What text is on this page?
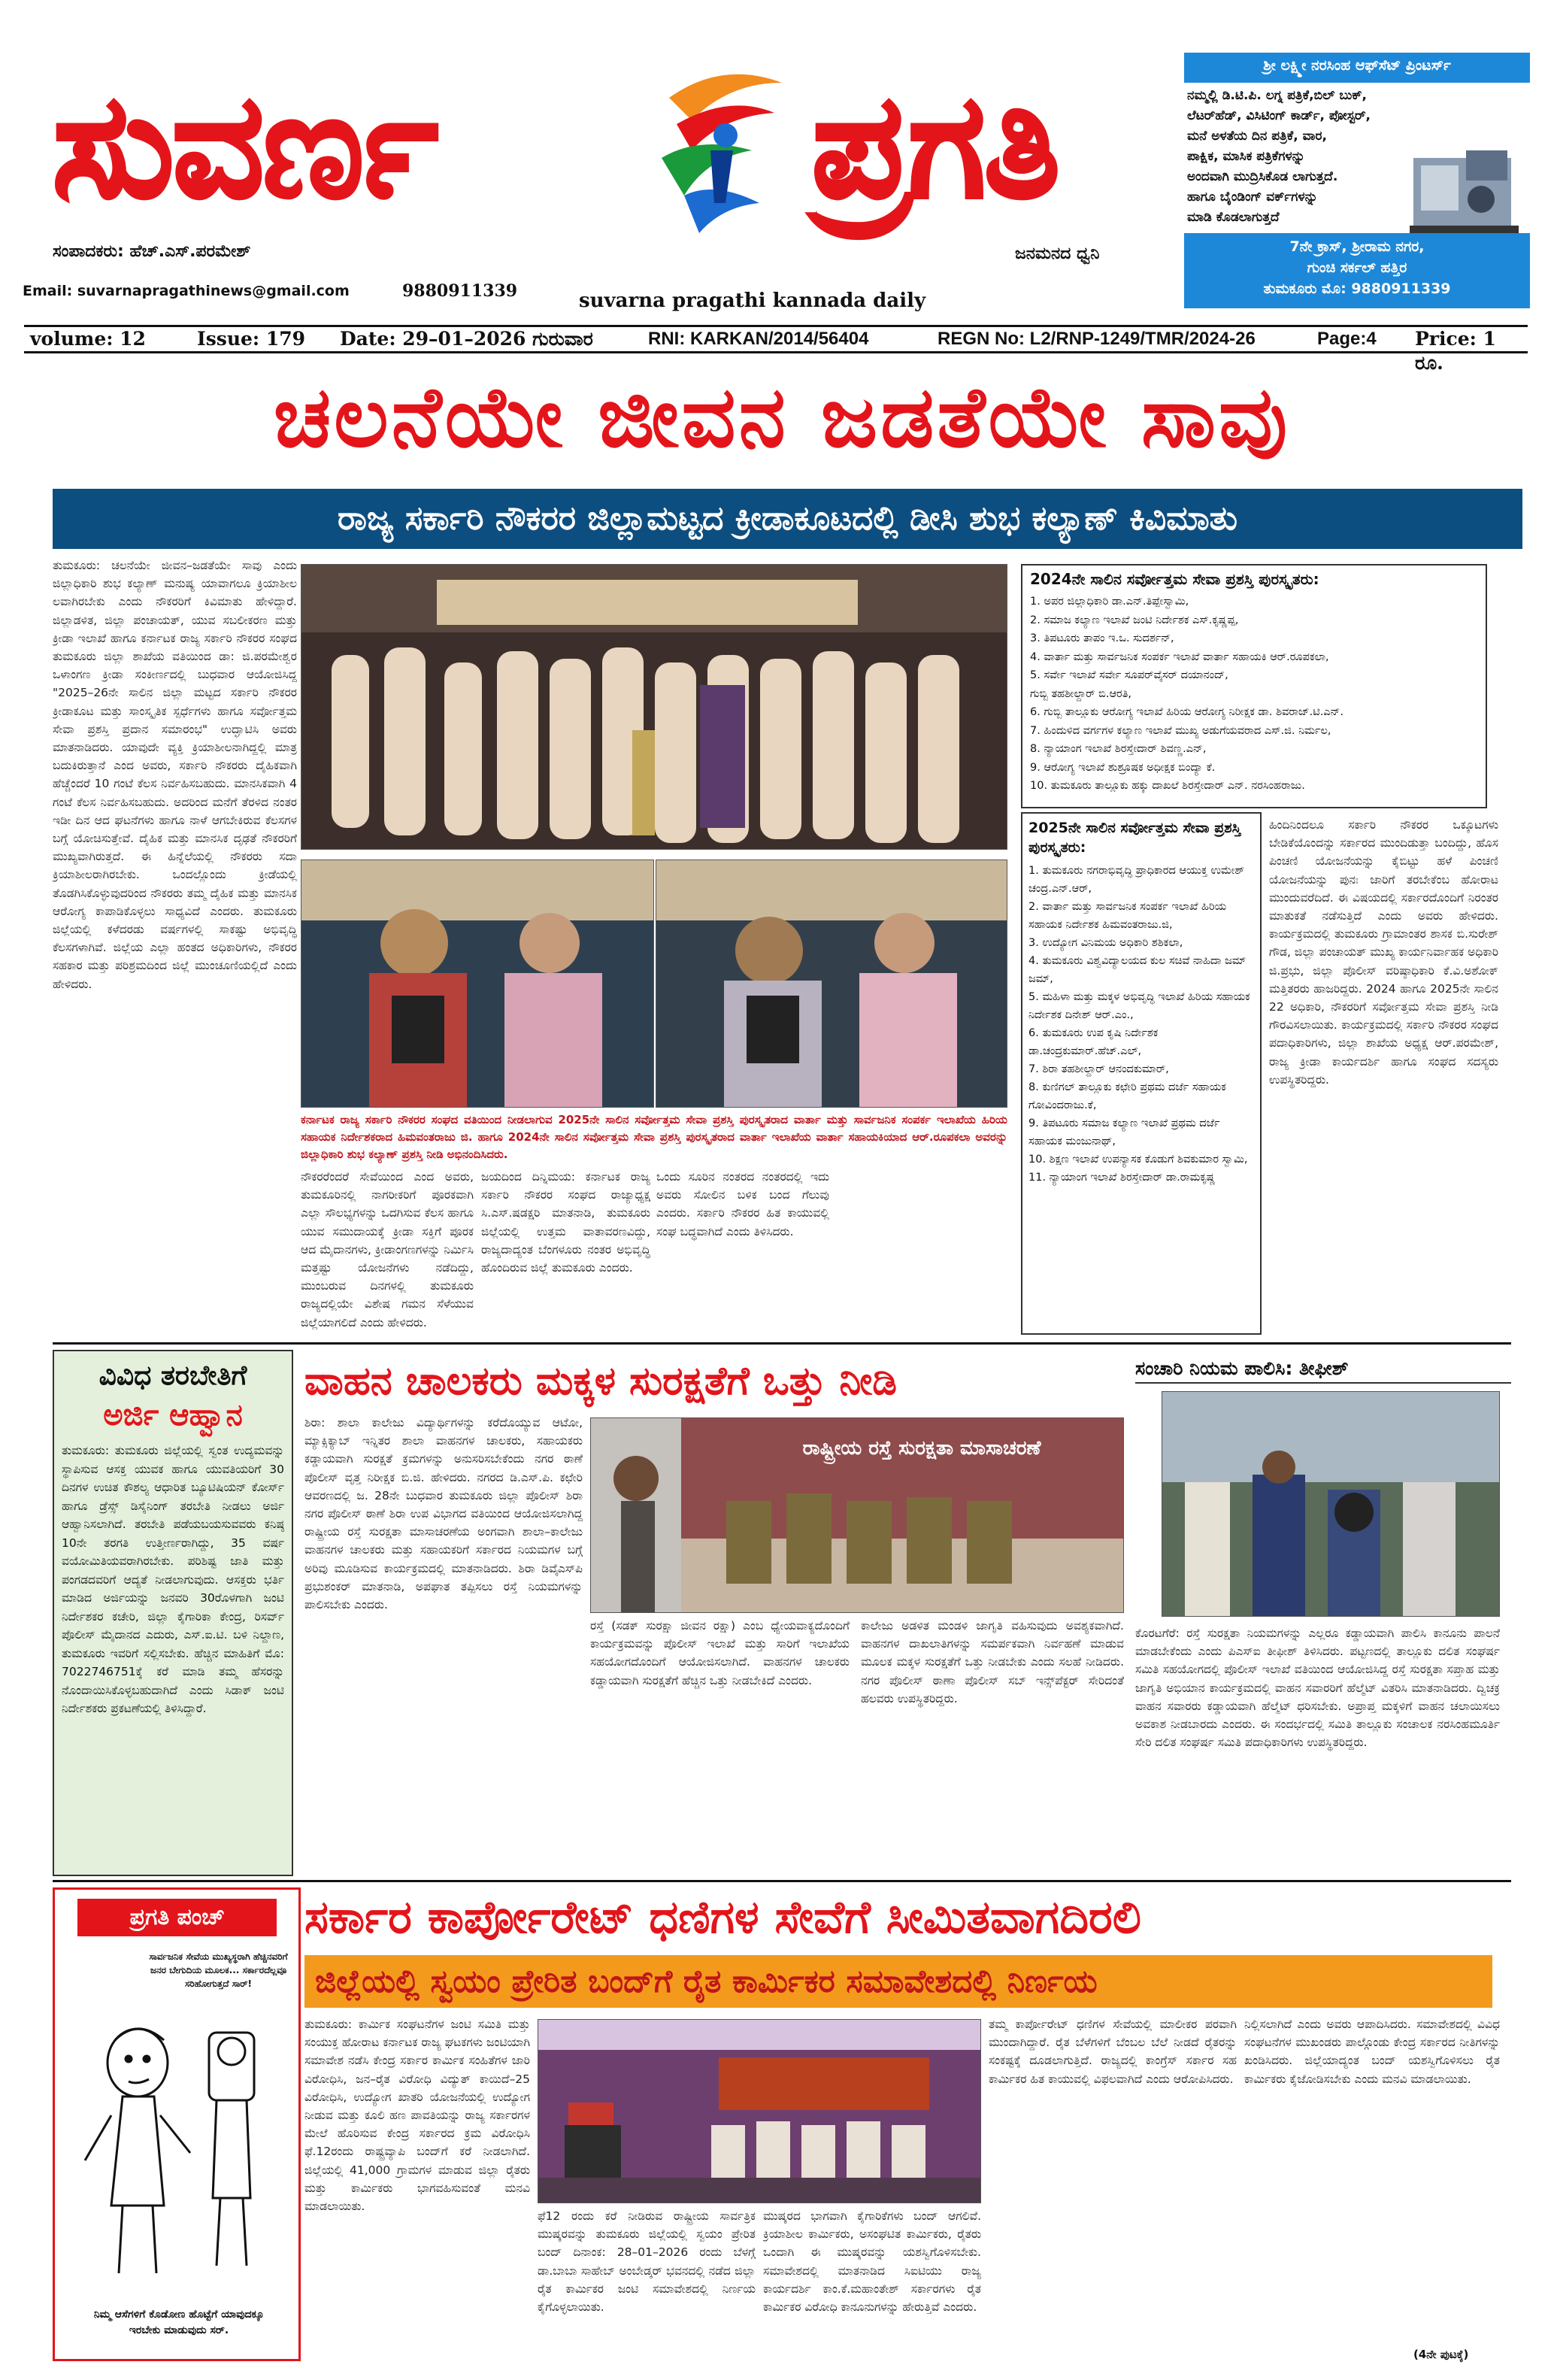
ಸುವರ್ಣ	ಪ್ರಗತಿ
ಸಂಪಾದಕರು: ಹೆಚ್.ಎಸ್.ಪರಮೇಶ್
Email: suvarnapragathinews@gmail.com	9880911339
ಜನಮನದ ಧ್ವನಿ
suvarna pragathi kannada daily
ಶ್ರೀ ಲಕ್ಷ್ಮೀ ನರಸಿಂಹ ಆಫ್‌ಸೆಟ್ ಪ್ರಿಂಟರ್ಸ್
ನಮ್ಮಲ್ಲಿ ಡಿ.ಟಿ.ಪಿ. ಲಗ್ನ ಪತ್ರಿಕೆ,ಬಿಲ್ ಬುಕ್,
ಲೆಟರ್‌ಹೆಡ್, ವಿಸಿಟಿಂಗ್ ಕಾರ್ಡ್, ಪೋಸ್ಟರ್,
ಮನೆ ಅಳತೆಯ ದಿನ ಪತ್ರಿಕೆ, ವಾರ,
ಪಾಕ್ಷಿಕ, ಮಾಸಿಕ ಪತ್ರಿಕೆಗಳನ್ನು
ಅಂದವಾಗಿ ಮುದ್ರಿಸಿಕೊಡ ಲಾಗುತ್ತದೆ.
ಹಾಗೂ ಬೈಂಡಿಂಗ್ ವರ್ಕ್‌ಗಳನ್ನು
ಮಾಡಿ ಕೊಡಲಾಗುತ್ತದೆ
7ನೇ ಕ್ರಾಸ್, ಶ್ರೀರಾಮ ನಗರ,
ಗುಂಚಿ ಸರ್ಕಲ್ ಹತ್ತಿರ
ತುಮಕೂರು ಮೊ: 9880911339
volume: 12	Issue: 179 Date: 29–01–2026 ಗುರುವಾರ	RNI: KARKAN/2014/56404	REGN No: L2/RNP-1249/TMR/2024-26	Page:4 Price: 1 ರೂ.
ಚಲನೆಯೇ ಜೀವನ ಜಡತೆಯೇ ಸಾವು
ರಾಜ್ಯ ಸರ್ಕಾರಿ ನೌಕರರ ಜಿಲ್ಲಾಮಟ್ಟದ ಕ್ರೀಡಾಕೂಟದಲ್ಲಿ ಡೀಸಿ ಶುಭ ಕಲ್ಯಾಣ್ ಕಿವಿಮಾತು
ತುಮಕೂರು: ಚಲನೆಯೇ ಜೀವನ–ಜಡತೆಯೇ ಸಾವು ಎಂದು ಜಿಲ್ಲಾಧಿಕಾರಿ ಶುಭ ಕಲ್ಯಾಣ್ ಮನುಷ್ಯ ಯಾವಾಗಲೂ ಕ್ರಿಯಾಶೀಲ ಲವಾಗಿರಬೇಕು ಎಂದು ನೌಕರರಿಗೆ ಕಿವಿಮಾತು ಹೇಳಿದ್ದಾರೆ. ಜಿಲ್ಲಾಡಳಿತ, ಜಿಲ್ಲಾ ಪಂಚಾಯತ್, ಯುವ ಸಬಲೀಕರಣ ಮತ್ತು ಕ್ರೀಡಾ ಇಲಾಖೆ ಹಾಗೂ ಕರ್ನಾಟಕ ರಾಜ್ಯ ಸರ್ಕಾರಿ ನೌಕರರ ಸಂಘದ ತುಮಕೂರು ಜಿಲ್ಲಾ ಶಾಖೆಯ ವತಿಯಿಂದ ಡಾ: ಜಿ.ಪರಮೇಶ್ವರ ಒಳಾಂಗಣ ಕ್ರೀಡಾ ಸಂಕೀರ್ಣದಲ್ಲಿ ಬುಧವಾರ ಆಯೋಜಿಸಿದ್ದ "2025–26ನೇ ಸಾಲಿನ ಜಿಲ್ಲಾ ಮಟ್ಟದ ಸರ್ಕಾರಿ ನೌಕರರ ಕ್ರೀಡಾಕೂಟ ಮತ್ತು ಸಾಂಸ್ಕೃತಿಕ ಸ್ಪರ್ಧೆಗಳು ಹಾಗೂ ಸರ್ವೋತ್ತಮ ಸೇವಾ ಪ್ರಶಸ್ತಿ ಪ್ರದಾನ ಸಮಾರಂಭ" ಉದ್ಘಾಟಿಸಿ ಅವರು ಮಾತನಾಡಿದರು. ಯಾವುದೇ ವ್ಯಕ್ತಿ ಕ್ರಿಯಾಶೀಲನಾಗಿದ್ದಲ್ಲಿ ಮಾತ್ರ ಬದುಕಿರುತ್ತಾನೆ ಎಂದ ಅವರು, ಸರ್ಕಾರಿ ನೌಕರರು ದೈಹಿಕವಾಗಿ ಹೆಚ್ಚೆಂದರೆ 10 ಗಂಟೆ ಕೆಲಸ ನಿರ್ವಹಿಸಬಹುದು. ಮಾನಸಿಕವಾಗಿ 4 ಗಂಟೆ ಕೆಲಸ ನಿರ್ವಹಿಸಬಹುದು. ಅದರಿಂದ ಮನೆಗೆ ತೆರಳಿದ ನಂತರ ಇಡೀ ದಿನ ಆದ ಘಟನೆಗಳು ಹಾಗೂ ನಾಳೆ ಆಗಬೇಕಿರುವ ಕೆಲಸಗಳ ಬಗ್ಗೆ ಯೋಚಿಸುತ್ತೇವೆ. ದೈಹಿಕ ಮತ್ತು ಮಾನಸಿಕ ದೃಢತೆ ನೌಕರರಿಗೆ ಮುಖ್ಯವಾಗಿರುತ್ತದೆ. ಈ ಹಿನ್ನೆಲೆಯಲ್ಲಿ ನೌಕರರು ಸದಾ ಕ್ರಿಯಾಶೀಲರಾಗಿರಬೇಕು. ಒಂದಲ್ಲೊಂದು ಕ್ರೀಡೆಯಲ್ಲಿ ತೊಡಗಿಸಿಕೊಳ್ಳುವುದರಿಂದ ನೌಕರರು ತಮ್ಮ ದೈಹಿಕ ಮತ್ತು ಮಾನಸಿಕ ಆರೋಗ್ಯ ಕಾಪಾಡಿಕೊಳ್ಳಲು ಸಾಧ್ಯವಿದೆ ಎಂದರು. ತುಮಕೂರು ಜಿಲ್ಲೆಯಲ್ಲಿ ಕಳೆದರಡು ವರ್ಷಗಳಲ್ಲಿ ಸಾಕಷ್ಟು ಅಭಿವೃದ್ಧಿ ಕೆಲಸಗಳಾಗಿವೆ. ಜಿಲ್ಲೆಯ ಎಲ್ಲಾ ಹಂತದ ಅಧಿಕಾರಿಗಳು, ನೌಕರರ ಸಹಕಾರ ಮತ್ತು ಪರಿಶ್ರಮದಿಂದ ಜಿಲ್ಲೆ ಮುಂಚೂಣಿಯಲ್ಲಿದೆ ಎಂದು ಹೇಳಿದರು.
ಕರ್ನಾಟಕ ರಾಜ್ಯ ಸರ್ಕಾರಿ ನೌಕರರ ಸಂಘದ ವತಿಯಿಂದ ನೀಡಲಾಗುವ 2025ನೇ ಸಾಲಿನ ಸರ್ವೋತ್ತಮ ಸೇವಾ ಪ್ರಶಸ್ತಿ ಪುರಸ್ಕೃತರಾದ ವಾರ್ತಾ ಮತ್ತು ಸಾರ್ವಜನಿಕ ಸಂಪರ್ಕ ಇಲಾಖೆಯ ಹಿರಿಯ ಸಹಾಯಕ ನಿರ್ದೇಶಕರಾದ ಹಿಮವಂತರಾಜು ಜಿ. ಹಾಗೂ 2024ನೇ ಸಾಲಿನ ಸರ್ವೋತ್ತಮ ಸೇವಾ ಪ್ರಶಸ್ತಿ ಪುರಸ್ಕೃತರಾದ ವಾರ್ತಾ ಇಲಾಖೆಯ ವಾರ್ತಾ ಸಹಾಯಕಿಯಾದ ಆರ್.ರೂಪಕಲಾ ಅವರನ್ನು ಜಿಲ್ಲಾಧಿಕಾರಿ ಶುಭ ಕಲ್ಯಾಣ್ ಪ್ರಶಸ್ತಿ ನೀಡಿ ಅಭಿನಂದಿಸಿದರು.
ನೌಕರರೆಂದರೆ ಸೇವೆಯಿಂದ ಎಂದ ಅವರು, ತುಮಕೂರಿನಲ್ಲಿ ನಾಗರೀಕರಿಗೆ ಪೂರಕವಾಗಿ ಎಲ್ಲಾ ಸೌಲಭ್ಯಗಳನ್ನು ಒದಗಿಸುವ ಕೆಲಸ ಹಾಗೂ ಯುವ ಸಮುದಾಯಕ್ಕೆ ಕ್ರೀಡಾ ಸಕ್ತಿಗೆ ಪೂರಕ ಆದ ಮೈದಾನಗಳು, ಕ್ರೀಡಾಂಗಣಗಳನ್ನು ನಿರ್ಮಿಸಿ ಮತ್ತಷ್ಟು ಯೋಜನೆಗಳು ನಡೆದಿದ್ದು, ಮುಂಬರುವ ದಿನಗಳಲ್ಲಿ ತುಮಕೂರು ರಾಜ್ಯದಲ್ಲಿಯೇ ವಿಶೇಷ ಗಮನ ಸೆಳೆಯುವ ಜಿಲ್ಲೆಯಾಗಲಿದೆ ಎಂದು ಹೇಳಿದರು.
ಜಯದಿಂದ ದಿನ್ನಿಮಯ: ಕರ್ನಾಟಕ ರಾಜ್ಯ ಸರ್ಕಾರಿ ನೌಕರರ ಸಂಘದ ರಾಜ್ಯಾಧ್ಯಕ್ಷ ಸಿ.ಎಸ್.ಷಡಕ್ಷರಿ ಮಾತನಾಡಿ, ತುಮಕೂರು ಜಿಲ್ಲೆಯಲ್ಲಿ ಉತ್ತಮ ವಾತಾವರಣವಿದ್ದು, ರಾಜ್ಯದಾದ್ಯಂತ ಬೆಂಗಳೂರು ನಂತರ ಅಭಿವೃದ್ಧಿ ಹೊಂದಿರುವ ಜಿಲ್ಲೆ ತುಮಕೂರು ಎಂದರು.
ಒಂದು ಸೂರಿನ ನಂತರದ ನಂತರದಲ್ಲಿ ಇದು ಅವರು ಸೋಲಿನ ಬಳಿಕ ಬಂದ ಗೆಲುವು ಎಂದರು. ಸರ್ಕಾರಿ ನೌಕರರ ಹಿತ ಕಾಯುವಲ್ಲಿ ಸಂಘ ಬದ್ಧವಾಗಿದೆ ಎಂದು ತಿಳಿಸಿದರು.
2024ನೇ ಸಾಲಿನ ಸರ್ವೋತ್ತಮ ಸೇವಾ ಪ್ರಶಸ್ತಿ ಪುರಸ್ಕೃತರು:
1. ಅಪರ ಜಿಲ್ಲಾಧಿಕಾರಿ ಡಾ.ಎನ್.ತಿಪ್ಪೇಸ್ವಾಮಿ,
2. ಸಮಾಜ ಕಲ್ಯಾಣ ಇಲಾಖೆ ಜಂಟಿ ನಿರ್ದೇಶಕ ಎಸ್.ಕೃಷ್ಣಪ್ಪ,
3. ತಿಪಟೂರು ತಾಪಂ ಇ.ಒ. ಸುದರ್ಶನ್,
4. ವಾರ್ತಾ ಮತ್ತು ಸಾರ್ವಜನಿಕ ಸಂಪರ್ಕ ಇಲಾಖೆ ವಾರ್ತಾ ಸಹಾಯಕಿ ಆರ್.ರೂಪಕಲಾ,
5. ಸರ್ವೇ ಇಲಾಖೆ ಸರ್ವೇ ಸೂಪರ್‌ವೈಸರ್ ದಯಾನಂದ್,
ಗುಬ್ಬಿ ತಹಶೀಲ್ದಾರ್ ಬಿ.ಆರತಿ,
6. ಗುಬ್ಬಿ ತಾಲ್ಲೂಕು ಆರೋಗ್ಯ ಇಲಾಖೆ ಹಿರಿಯ ಆರೋಗ್ಯ ನಿರೀಕ್ಷಕ ಡಾ. ಶಿವರಾಜ್.ಟಿ.ಎನ್.
7. ಹಿಂದುಳಿದ ವರ್ಗಗಳ ಕಲ್ಯಾಣ ಇಲಾಖೆ ಮುಖ್ಯ ಅಡುಗೆಯವರಾದ ಎಸ್.ಜಿ. ನಿರ್ಮಲ,
8. ನ್ಯಾಯಾಂಗ ಇಲಾಖೆ ಶಿರಸ್ತೇದಾರ್ ಶಿವಣ್ಣ.ಎನ್,
9. ಆರೋಗ್ಯ ಇಲಾಖೆ ಶುಶ್ರೂಷಕ ಅಧೀಕ್ಷಕ ಬಿಂದ್ಯಾ ಕೆ.
10. ತುಮಕೂರು ತಾಲ್ಲೂಕು ಹಕ್ಕು ದಾಖಲೆ ಶಿರಸ್ತೇದಾರ್ ಎನ್. ನರಸಿಂಹರಾಜು.
2025ನೇ ಸಾಲಿನ ಸರ್ವೋತ್ತಮ ಸೇವಾ ಪ್ರಶಸ್ತಿ ಪುರಸ್ಕೃತರು:
1. ತುಮಕೂರು ನಗರಾಭಿವೃದ್ಧಿ ಪ್ರಾಧಿಕಾರದ ಆಯುಕ್ತ ಉಮೇಶ್ ಚಂದ್ರ.ಎನ್.ಆರ್,
2. ವಾರ್ತಾ ಮತ್ತು ಸಾರ್ವಜನಿಕ ಸಂಪರ್ಕ ಇಲಾಖೆ ಹಿರಿಯ ಸಹಾಯಕ ನಿರ್ದೇಶಕ ಹಿಮವಂತರಾಜು.ಜಿ,
3. ಉದ್ಯೋಗ ವಿನಿಮಯ ಅಧಿಕಾರಿ ಶಶಿಕಲಾ,
4. ತುಮಕೂರು ವಿಶ್ವವಿದ್ಯಾಲಯದ ಕುಲ ಸಚಿವೆ ನಾಹಿದಾ ಜಮ್ ಜಮ್,
5. ಮಹಿಳಾ ಮತ್ತು ಮಕ್ಕಳ ಅಭಿವೃದ್ಧಿ ಇಲಾಖೆ ಹಿರಿಯ ಸಹಾಯಕ ನಿರ್ದೇಶಕ ದಿನೇಶ್ ಆರ್.ಎಂ.,
6. ತುಮಕೂರು ಉಪ ಕೃಷಿ ನಿರ್ದೇಶಕ ಡಾ.ಚಂದ್ರಕುಮಾರ್.ಹೆಚ್.ಎಲ್,
7. ಶಿರಾ ತಹಶೀಲ್ದಾರ್ ಆನಂದಕುಮಾರ್,
8. ಕುಣಿಗಲ್ ತಾಲ್ಲೂಕು ಕಛೇರಿ ಪ್ರಥಮ ದರ್ಜೆ ಸಹಾಯಕ ಗೋವಿಂದರಾಜು.ಕೆ,
9. ತಿಪಟೂರು ಸಮಾಜ ಕಲ್ಯಾಣ ಇಲಾಖೆ ಪ್ರಥಮ ದರ್ಜೆ ಸಹಾಯಕ ಮಂಜುನಾಥ್,
10. ಶಿಕ್ಷಣ ಇಲಾಖೆ ಉಪನ್ಯಾಸಕ ಕೊಡುಗೆ ಶಿವಕುಮಾರ ಸ್ವಾಮಿ,
11. ನ್ಯಾಯಾಂಗ ಇಲಾಖೆ ಶಿರಸ್ತೇದಾರ್ ಡಾ.ರಾಮಕೃಷ್ಣ
ಹಿಂದಿನಿಂದಲೂ ಸರ್ಕಾರಿ ನೌಕರರ ಒಕ್ಕೂಟಗಳು ಬೇಡಿಕೆಯೊಂದನ್ನು ಸರ್ಕಾರದ ಮುಂದಿಡುತ್ತಾ ಬಂದಿದ್ದು, ಹೊಸ ಪಿಂಚಣಿ ಯೋಜನೆಯನ್ನು ಕೈಬಿಟ್ಟು ಹಳೆ ಪಿಂಚಣಿ ಯೋಜನೆಯನ್ನು ಪುನಃ ಜಾರಿಗೆ ತರಬೇಕೆಂಬ ಹೋರಾಟ ಮುಂದುವರೆದಿದೆ. ಈ ವಿಷಯದಲ್ಲಿ ಸರ್ಕಾರದೊಂದಿಗೆ ನಿರಂತರ ಮಾತುಕತೆ ನಡೆಸುತ್ತಿದೆ ಎಂದು ಅವರು ಹೇಳಿದರು. ಕಾರ್ಯಕ್ರಮದಲ್ಲಿ ತುಮಕೂರು ಗ್ರಾಮಾಂತರ ಶಾಸಕ ಬಿ.ಸುರೇಶ್ ಗೌಡ, ಜಿಲ್ಲಾ ಪಂಚಾಯತ್ ಮುಖ್ಯ ಕಾರ್ಯನಿರ್ವಾಹಕ ಅಧಿಕಾರಿ ಜಿ.ಪ್ರಭು, ಜಿಲ್ಲಾ ಪೊಲೀಸ್ ವರಿಷ್ಠಾಧಿಕಾರಿ ಕೆ.ವಿ.ಅಶೋಕ್ ಮತ್ತಿತರರು ಹಾಜರಿದ್ದರು. 2024 ಹಾಗೂ 2025ನೇ ಸಾಲಿನ 22 ಅಧಿಕಾರಿ, ನೌಕರರಿಗೆ ಸರ್ವೋತ್ತಮ ಸೇವಾ ಪ್ರಶಸ್ತಿ ನೀಡಿ ಗೌರವಿಸಲಾಯಿತು. ಕಾರ್ಯಕ್ರಮದಲ್ಲಿ ಸರ್ಕಾರಿ ನೌಕರರ ಸಂಘದ ಪದಾಧಿಕಾರಿಗಳು, ಜಿಲ್ಲಾ ಶಾಖೆಯ ಅಧ್ಯಕ್ಷ ಆರ್.ಪರಮೇಶ್, ರಾಜ್ಯ ಕ್ರೀಡಾ ಕಾರ್ಯದರ್ಶಿ ಹಾಗೂ ಸಂಘದ ಸದಸ್ಯರು ಉಪಸ್ಥಿತರಿದ್ದರು.
ವಿವಿಧ ತರಬೇತಿಗೆ
ಅರ್ಜಿ ಆಹ್ವಾನ
ತುಮಕೂರು: ತುಮಕೂರು ಜಿಲ್ಲೆಯಲ್ಲಿ ಸ್ವಂತ ಉದ್ಯಮವನ್ನು ಸ್ಥಾಪಿಸುವ ಆಸಕ್ತ ಯುವಕ ಹಾಗೂ ಯುವತಿಯರಿಗೆ 30 ದಿನಗಳ ಉಚಿತ ಕೌಶಲ್ಯ ಆಧಾರಿತ ಬ್ಯೂಟಿಷಿಯನ್ ಕೋರ್ಸ್ ಹಾಗೂ ಡ್ರೆಸ್ಸ್ ಡಿಸೈನಿಂಗ್ ತರಬೇತಿ ನೀಡಲು ಅರ್ಜಿ ಆಹ್ವಾನಿಸಲಾಗಿದೆ. ತರಬೇತಿ ಪಡೆಯಬಯಸುವವರು ಕನಿಷ್ಠ 10ನೇ ತರಗತಿ ಉತ್ತೀರ್ಣರಾಗಿದ್ದು, 35 ವರ್ಷ ವಯೋಮಿತಿಯವರಾಗಿರಬೇಕು. ಪರಿಶಿಷ್ಟ ಜಾತಿ ಮತ್ತು ಪಂಗಡದವರಿಗೆ ಆದ್ಯತೆ ನೀಡಲಾಗುವುದು. ಆಸಕ್ತರು ಭರ್ತಿ ಮಾಡಿದ ಅರ್ಜಿಯನ್ನು ಜನವರಿ 30ರೊಳಗಾಗಿ ಜಂಟಿ ನಿರ್ದೇಶಕರ ಕಚೇರಿ, ಜಿಲ್ಲಾ ಕೈಗಾರಿಕಾ ಕೇಂದ್ರ, ರಿಸರ್ವ್ ಪೊಲೀಸ್ ಮೈದಾನದ ಎದುರು, ಎಸ್.ಐ.ಟಿ. ಬಳಿ ನಿಲ್ದಾಣ, ತುಮಕೂರು ಇವರಿಗೆ ಸಲ್ಲಿಸಬೇಕು. ಹೆಚ್ಚಿನ ಮಾಹಿತಿಗೆ ಮೊ: 7022746751ಕ್ಕೆ ಕರೆ ಮಾಡಿ ತಮ್ಮ ಹೆಸರನ್ನು ನೊಂದಾಯಿಸಿಕೊಳ್ಳಬಹುದಾಗಿದೆ ಎಂದು ಸಿಡಾಕ್ ಜಂಟಿ ನಿರ್ದೇಶಕರು ಪ್ರಕಟಣೆಯಲ್ಲಿ ತಿಳಿಸಿದ್ದಾರೆ.
ವಾಹನ ಚಾಲಕರು ಮಕ್ಕಳ ಸುರಕ್ಷತೆಗೆ ಒತ್ತು ನೀಡಿ
ಶಿರಾ: ಶಾಲಾ ಕಾಲೇಜು ವಿದ್ಯಾರ್ಥಿಗಳನ್ನು ಕರೆದೊಯ್ಯುವ ಆಟೋ, ಮ್ಯಾಕ್ಸಿಕ್ಯಾಬ್ ಇನ್ನಿತರ ಶಾಲಾ ವಾಹನಗಳ ಚಾಲಕರು, ಸಹಾಯಕರು ಕಡ್ಡಾಯವಾಗಿ ಸುರಕ್ಷತೆ ಕ್ರಮಗಳನ್ನು ಅನುಸರಿಸಬೇಕೆಂದು ನಗರ ಠಾಣೆ ಪೊಲೀಸ್ ವೃತ್ತ ನಿರೀಕ್ಷಕ ಬಿ.ಜಿ. ಹೇಳಿದರು. ನಗರದ ಡಿ.ಎಸ್.ಪಿ. ಕಛೇರಿ ಆವರಣದಲ್ಲಿ ಜ. 28ನೇ ಬುಧವಾರ ತುಮಕೂರು ಜಿಲ್ಲಾ ಪೊಲೀಸ್ ಶಿರಾ ನಗರ ಪೊಲೀಸ್ ಠಾಣೆ ಶಿರಾ ಉಪ ವಿಭಾಗದ ವತಿಯಿಂದ ಆಯೋಜಿಸಲಾಗಿದ್ದ ರಾಷ್ಟ್ರೀಯ ರಸ್ತೆ ಸುರಕ್ಷತಾ ಮಾಸಾಚರಣೆಯ ಅಂಗವಾಗಿ ಶಾಲಾ–ಕಾಲೇಜು ವಾಹನಗಳ ಚಾಲಕರು ಮತ್ತು ಸಹಾಯಕರಿಗೆ ಸರ್ಕಾರದ ನಿಯಮಗಳ ಬಗ್ಗೆ ಅರಿವು ಮೂಡಿಸುವ ಕಾರ್ಯಕ್ರಮದಲ್ಲಿ ಮಾತನಾಡಿದರು. ಶಿರಾ ಡಿವೈಎಸ್‌ಪಿ ಪ್ರಭುಶಂಕರ್ ಮಾತನಾಡಿ, ಅಪಘಾತ ತಪ್ಪಿಸಲು ರಸ್ತೆ ನಿಯಮಗಳನ್ನು ಪಾಲಿಸಬೇಕು ಎಂದರು.
ರಾಷ್ಟ್ರೀಯ ರಸ್ತೆ ಸುರಕ್ಷತಾ ಮಾಸಾಚರಣೆ
ರಸ್ತೆ (ಸಡಕ್ ಸುರಕ್ಷಾ ಜೀವನ ರಕ್ಷಾ) ಎಂಬ ಧ್ಯೇಯವಾಕ್ಯದೊಂದಿಗೆ ಕಾರ್ಯಕ್ರಮವನ್ನು ಪೊಲೀಸ್ ಇಲಾಖೆ ಮತ್ತು ಸಾರಿಗೆ ಇಲಾಖೆಯ ಸಹಯೋಗದೊಂದಿಗೆ ಆಯೋಜಿಸಲಾಗಿದೆ. ವಾಹನಗಳ ಚಾಲಕರು ಕಡ್ಡಾಯವಾಗಿ ಸುರಕ್ಷತೆಗೆ ಹೆಚ್ಚಿನ ಒತ್ತು ನೀಡಬೇಕಿದೆ ಎಂದರು.
ಕಾಲೇಜು ಅಡಳಿತ ಮಂಡಳಿ ಜಾಗೃತಿ ವಹಿಸುವುದು ಅವಶ್ಯಕವಾಗಿದೆ. ವಾಹನಗಳ ದಾಖಲಾತಿಗಳನ್ನು ಸಮರ್ಪಕವಾಗಿ ನಿರ್ವಹಣೆ ಮಾಡುವ ಮೂಲಕ ಮಕ್ಕಳ ಸುರಕ್ಷತೆಗೆ ಒತ್ತು ನೀಡಬೇಕು ಎಂದು ಸಲಹೆ ನೀಡಿದರು. ನಗರ ಪೊಲೀಸ್ ಠಾಣಾ ಪೊಲೀಸ್ ಸಬ್ ಇನ್ಸ್‌ಪೆಕ್ಟರ್ ಸೇರಿದಂತೆ ಹಲವರು ಉಪಸ್ಥಿತರಿದ್ದರು.
ಸಂಚಾರಿ ನಿಯಮ ಪಾಲಿಸಿ: ತೀಫೀಶ್
ಕೊರಟಗೆರೆ: ರಸ್ತೆ ಸುರಕ್ಷತಾ ನಿಯಮಗಳನ್ನು ಎಲ್ಲರೂ ಕಡ್ಡಾಯವಾಗಿ ಪಾಲಿಸಿ ಕಾನೂನು ಪಾಲನೆ ಮಾಡಬೇಕೆಂದು ಎಂದು ಪಿಎಸ್‌ಐ ತೀಫೀಶ್ ತಿಳಿಸಿದರು. ಪಟ್ಟಣದಲ್ಲಿ ತಾಲ್ಲೂಕು ದಲಿತ ಸಂಘರ್ಷ ಸಮಿತಿ ಸಹಯೋಗದಲ್ಲಿ ಪೊಲೀಸ್ ಇಲಾಖೆ ವತಿಯಿಂದ ಆಯೋಜಿಸಿದ್ದ ರಸ್ತೆ ಸುರಕ್ಷತಾ ಸಪ್ತಾಹ ಮತ್ತು ಜಾಗೃತಿ ಅಭಿಯಾನ ಕಾರ್ಯಕ್ರಮದಲ್ಲಿ ವಾಹನ ಸವಾರರಿಗೆ ಹೆಲ್ಮೆಟ್ ವಿತರಿಸಿ ಮಾತನಾಡಿದರು. ದ್ವಿಚಕ್ರ ವಾಹನ ಸವಾರರು ಕಡ್ಡಾಯವಾಗಿ ಹೆಲ್ಮೆಟ್ ಧರಿಸಬೇಕು. ಅಪ್ರಾಪ್ತ ಮಕ್ಕಳಿಗೆ ವಾಹನ ಚಲಾಯಿಸಲು ಅವಕಾಶ ನೀಡಬಾರದು ಎಂದರು. ಈ ಸಂದರ್ಭದಲ್ಲಿ ಸಮಿತಿ ತಾಲ್ಲೂಕು ಸಂಚಾಲಕ ನರಸಿಂಹಮೂರ್ತಿ ಸೇರಿ ದಲಿತ ಸಂಘರ್ಷ ಸಮಿತಿ ಪದಾಧಿಕಾರಿಗಳು ಉಪಸ್ಥಿತರಿದ್ದರು.
ಪ್ರಗತಿ ಪಂಚ್
ಸಾರ್ವಜನಿಕ ಸೇವೆಯ ಮುಖ್ಯಸ್ಥರಾಗಿ ಹೆಚ್ಚಿನವರಿಗೆ ಜನರ ಬೇಗುದಿಯ ಮೂಲಕ... ಸರ್ಕಾರದೆಲ್ಲವೂ ಸರಿಹೋಗುತ್ತದೆ ಸಾರ್!
ನಿಮ್ಮ ಆಸೆಗಳಿಗೆ ಕೊಡೋಣ ಹೊಟ್ಟೆಗೆ ಯಾವುದಕ್ಕೂ ಇರಬೇಕು ಮಾಡುವುದು ಸರ್.
ಸರ್ಕಾರ ಕಾರ್ಪೋರೇಟ್ ಧಣಿಗಳ ಸೇವೆಗೆ ಸೀಮಿತವಾಗದಿರಲಿ
ಜಿಲ್ಲೆಯಲ್ಲಿ ಸ್ವಯಂ ಪ್ರೇರಿತ ಬಂದ್‌ಗೆ ರೈತ ಕಾರ್ಮಿಕರ ಸಮಾವೇಶದಲ್ಲಿ ನಿರ್ಣಯ
ತುಮಕೂರು: ಕಾರ್ಮಿಕ ಸಂಘಟನೆಗಳ ಜಂಟಿ ಸಮಿತಿ ಮತ್ತು ಸಂಯುಕ್ತ ಹೋರಾಟ ಕರ್ನಾಟಕ ರಾಜ್ಯ ಘಟಕಗಳು ಜಂಟಿಯಾಗಿ ಸಮಾವೇಶ ನಡೆಸಿ ಕೇಂದ್ರ ಸರ್ಕಾರ ಕಾರ್ಮಿಕ ಸಂಹಿತೆಗಳ ಜಾರಿ ವಿರೋಧಿಸಿ, ಜನ–ರೈತ ವಿರೋಧಿ ವಿದ್ಯುತ್ ಕಾಯಿದೆ–25 ವಿರೋಧಿಸಿ, ಉದ್ಯೋಗ ಖಾತರಿ ಯೋಜನೆಯಲ್ಲಿ ಉದ್ಯೋಗ ನೀಡುವ ಮತ್ತು ಕೂಲಿ ಹಣ ಪಾವತಿಯನ್ನು ರಾಜ್ಯ ಸರ್ಕಾರಗಳ ಮೇಲೆ ಹೊರಿಸುವ ಕೇಂದ್ರ ಸರ್ಕಾರದ ಕ್ರಮ ವಿರೋಧಿಸಿ ಫೆ.12ರಂದು ರಾಷ್ಟ್ರವ್ಯಾಪಿ ಬಂದ್‌ಗೆ ಕರೆ ನೀಡಲಾಗಿದೆ. ಜಿಲ್ಲೆಯಲ್ಲಿ 41,000 ಗ್ರಾಮಗಳ ಮಾಡುವ ಜಿಲ್ಲಾ ರೈತರು ಮತ್ತು ಕಾರ್ಮಿಕರು ಭಾಗವಹಿಸುವಂತೆ ಮನವಿ ಮಾಡಲಾಯಿತು.
ಫೆ12 ರಂದು ಕರೆ ನೀಡಿರುವ ರಾಷ್ಟ್ರೀಯ ಸಾರ್ವತ್ರಿಕ ಮುಷ್ಕರವನ್ನು ತುಮಕೂರು ಜಿಲ್ಲೆಯಲ್ಲಿ ಸ್ವಯಂ ಪ್ರೇರಿತ ಬಂದ್ ದಿನಾಂಕ: 28–01–2026 ರಂದು ಬೆಳಗ್ಗೆ ಡಾ.ಬಾಬಾ ಸಾಹೇಬ್ ಅಂಬೇಡ್ಕರ್ ಭವನದಲ್ಲಿ ನಡೆದ ಜಿಲ್ಲಾ ರೈತ ಕಾರ್ಮಿಕರ ಜಂಟಿ ಸಮಾವೇಶದಲ್ಲಿ ನಿರ್ಣಯ ಕೈಗೊಳ್ಳಲಾಯಿತು.
ಮುಷ್ಕರದ ಭಾಗವಾಗಿ ಕೈಗಾರಿಕೆಗಳು ಬಂದ್ ಆಗಲಿವೆ. ಕ್ರಿಯಾಶೀಲ ಕಾರ್ಮಿಕರು, ಅಸಂಘಟಿತ ಕಾರ್ಮಿಕರು, ರೈತರು ಒಂದಾಗಿ ಈ ಮುಷ್ಕರವನ್ನು ಯಶಸ್ವಿಗೊಳಿಸಬೇಕು. ಸಮಾವೇಶದಲ್ಲಿ ಮಾತನಾಡಿದ ಸಿಐಟಿಯು ರಾಜ್ಯ ಕಾರ್ಯದರ್ಶಿ ಕಾಂ.ಕೆ.ಮಹಾಂತೇಶ್ ಸರ್ಕಾರಗಳು ರೈತ ಕಾರ್ಮಿಕರ ವಿರೋಧಿ ಕಾನೂನುಗಳನ್ನು ಹೇರುತ್ತಿವೆ ಎಂದರು.
ತಮ್ಮ ಕಾರ್ಪೋರೇಟ್ ಧಣಿಗಳ ಸೇವೆಯಲ್ಲಿ ಮಾಲೀಕರ ಪರವಾಗಿ ಮುಂದಾಗಿದ್ದಾರೆ. ರೈತ ಬೆಳೆಗಳಿಗೆ ಬೆಂಬಲ ಬೆಲೆ ನೀಡದೆ ರೈತರನ್ನು ಸಂಕಷ್ಟಕ್ಕೆ ದೂಡಲಾಗುತ್ತಿದೆ. ರಾಜ್ಯದಲ್ಲಿ ಕಾಂಗ್ರೆಸ್ ಸರ್ಕಾರ ಸಹ ಕಾರ್ಮಿಕರ ಹಿತ ಕಾಯುವಲ್ಲಿ ವಿಫಲವಾಗಿದೆ ಎಂದು ಆರೋಪಿಸಿದರು.
ನಿಲ್ಲಿಸಲಾಗಿದೆ ಎಂದು ಅವರು ಆಪಾದಿಸಿದರು. ಸಮಾವೇಶದಲ್ಲಿ ವಿವಿಧ ಸಂಘಟನೆಗಳ ಮುಖಂಡರು ಪಾಲ್ಗೊಂಡು ಕೇಂದ್ರ ಸರ್ಕಾರದ ನೀತಿಗಳನ್ನು ಖಂಡಿಸಿದರು. ಜಿಲ್ಲೆಯಾದ್ಯಂತ ಬಂದ್ ಯಶಸ್ವಿಗೊಳಿಸಲು ರೈತ ಕಾರ್ಮಿಕರು ಕೈಜೋಡಿಸಬೇಕು ಎಂದು ಮನವಿ ಮಾಡಲಾಯಿತು.
(4ನೇ ಪುಟಕ್ಕೆ)
